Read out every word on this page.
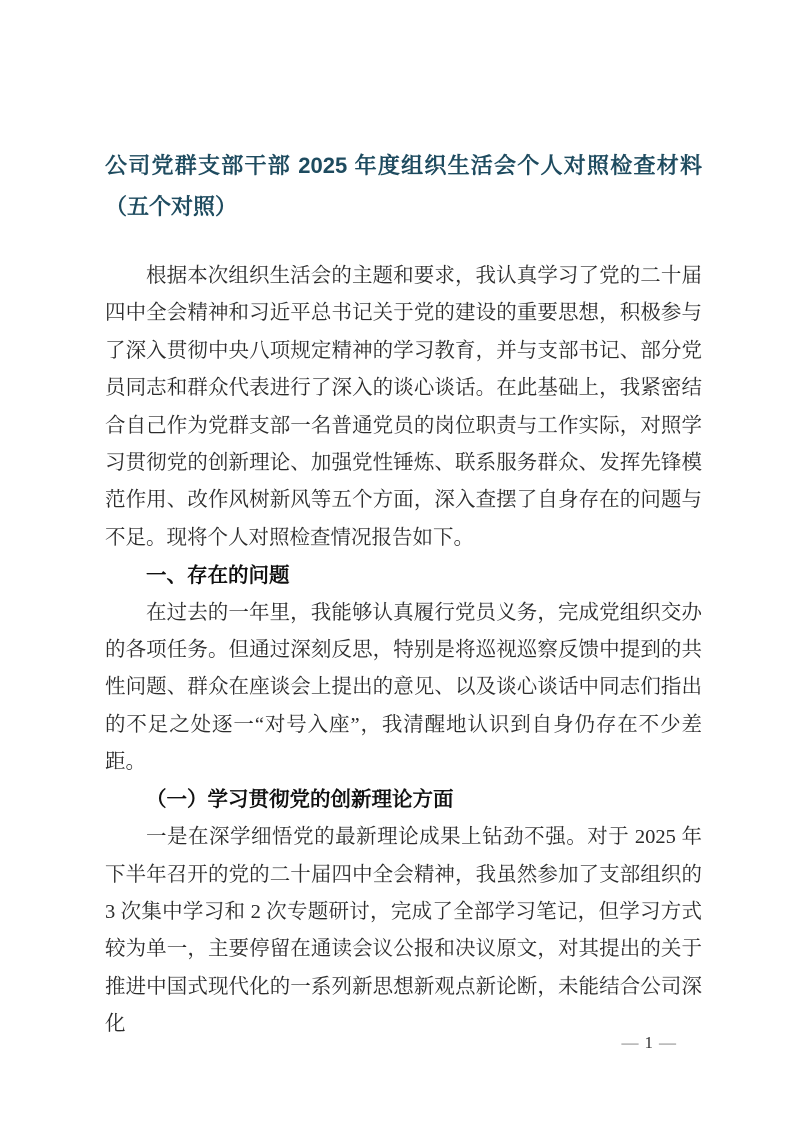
公司党群支部干部 2025 年度组织生活会个人对照检查材料（五个对照）

根据本次组织生活会的主题和要求，我认真学习了党的二十届四中全会精神和习近平总书记关于党的建设的重要思想，积极参与了深入贯彻中央八项规定精神的学习教育，并与支部书记、部分党员同志和群众代表进行了深入的谈心谈话。在此基础上，我紧密结合自己作为党群支部一名普通党员的岗位职责与工作实际，对照学习贯彻党的创新理论、加强党性锤炼、联系服务群众、发挥先锋模范作用、改作风树新风等五个方面，深入查摆了自身存在的问题与不足。现将个人对照检查情况报告如下。

一、存在的问题

在过去的一年里，我能够认真履行党员义务，完成党组织交办的各项任务。但通过深刻反思，特别是将巡视巡察反馈中提到的共性问题、群众在座谈会上提出的意见、以及谈心谈话中同志们指出的不足之处逐一“对号入座”，我清醒地认识到自身仍存在不少差距。

（一）学习贯彻党的创新理论方面

一是在深学细悟党的最新理论成果上钻劲不强。对于 2025 年下半年召开的党的二十届四中全会精神，我虽然参加了支部组织的 3 次集中学习和 2 次专题研讨，完成了全部学习笔记，但学习方式较为单一，主要停留在通读会议公报和决议原文，对其提出的关于推进中国式现代化的一系列新思想新观点新论断，未能结合公司深化

— 1 —
